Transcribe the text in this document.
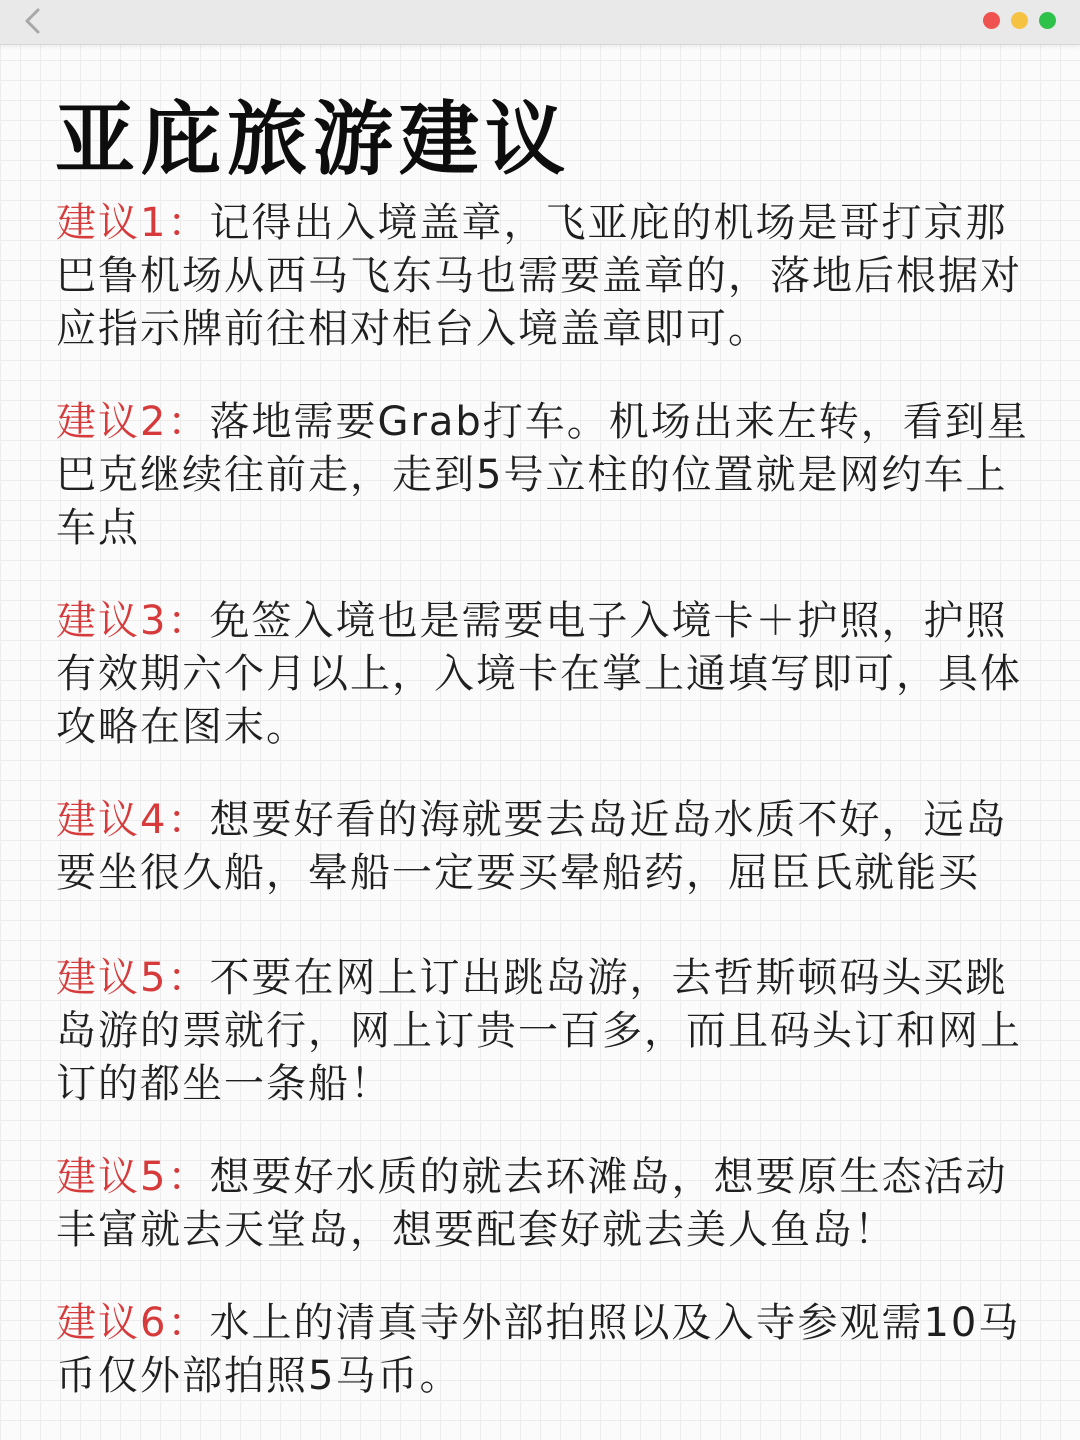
亚庇旅游建议

建议1：记得出入境盖章，飞亚庇的机场是哥打京那巴鲁机场从西马飞东马也需要盖章的，落地后根据对应指示牌前往相对柜台入境盖章即可。

建议2：落地需要Grab打车。机场出来左转，看到星巴克继续往前走，走到5号立柱的位置就是网约车上车点

建议3：免签入境也是需要电子入境卡＋护照，护照有效期六个月以上，入境卡在掌上通填写即可，具体攻略在图末。

建议4：想要好看的海就要去岛近岛水质不好，远岛要坐很久船，晕船一定要买晕船药，屈臣氏就能买

建议5：不要在网上订出跳岛游，去哲斯顿码头买跳岛游的票就行，网上订贵一百多，而且码头订和网上订的都坐一条船！

建议5：想要好水质的就去环滩岛，想要原生态活动丰富就去天堂岛，想要配套好就去美人鱼岛！

建议6：水上的清真寺外部拍照以及入寺参观需10马币仅外部拍照5马币。
